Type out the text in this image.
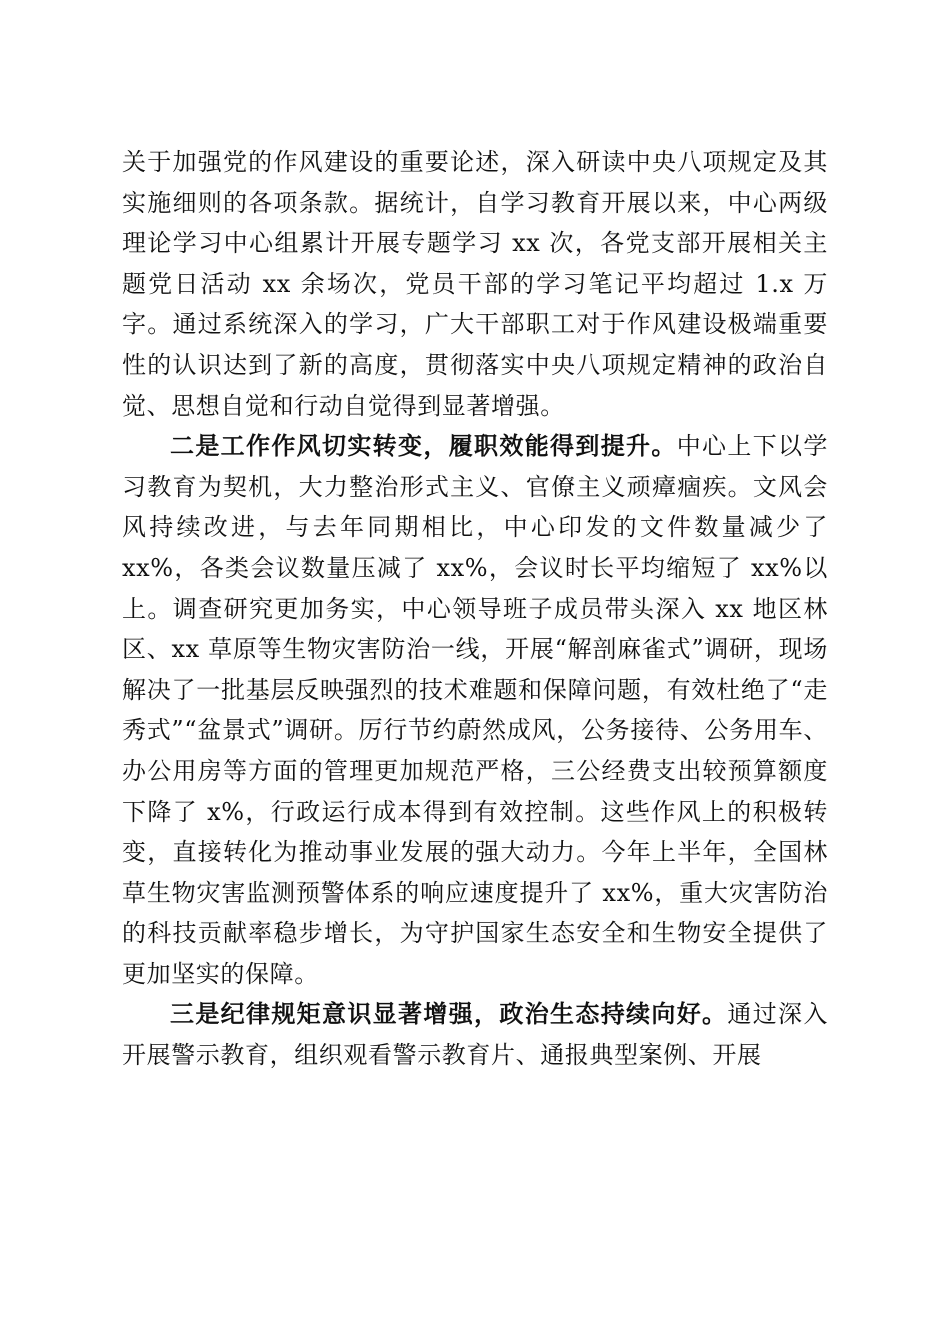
关于加强党的作风建设的重要论述，深入研读中央八项规定及其实施细则的各项条款。据统计，自学习教育开展以来，中心两级理论学习中心组累计开展专题学习 xx 次，各党支部开展相关主题党日活动 xx 余场次，党员干部的学习笔记平均超过 1.x 万字。通过系统深入的学习，广大干部职工对于作风建设极端重要性的认识达到了新的高度，贯彻落实中央八项规定精神的政治自觉、思想自觉和行动自觉得到显著增强。

二是工作作风切实转变，履职效能得到提升。中心上下以学习教育为契机，大力整治形式主义、官僚主义顽瘴痼疾。文风会风持续改进，与去年同期相比，中心印发的文件数量减少了 xx%，各类会议数量压减了 xx%，会议时长平均缩短了 xx%以上。调查研究更加务实，中心领导班子成员带头深入 xx 地区林区、xx 草原等生物灾害防治一线，开展“解剖麻雀式”调研，现场解决了一批基层反映强烈的技术难题和保障问题，有效杜绝了“走秀式”“盆景式”调研。厉行节约蔚然成风，公务接待、公务用车、办公用房等方面的管理更加规范严格，三公经费支出较预算额度下降了 x%，行政运行成本得到有效控制。这些作风上的积极转变，直接转化为推动事业发展的强大动力。今年上半年，全国林草生物灾害监测预警体系的响应速度提升了 xx%，重大灾害防治的科技贡献率稳步增长，为守护国家生态安全和生物安全提供了更加坚实的保障。

三是纪律规矩意识显著增强，政治生态持续向好。通过深入开展警示教育，组织观看警示教育片、通报典型案例、开展
